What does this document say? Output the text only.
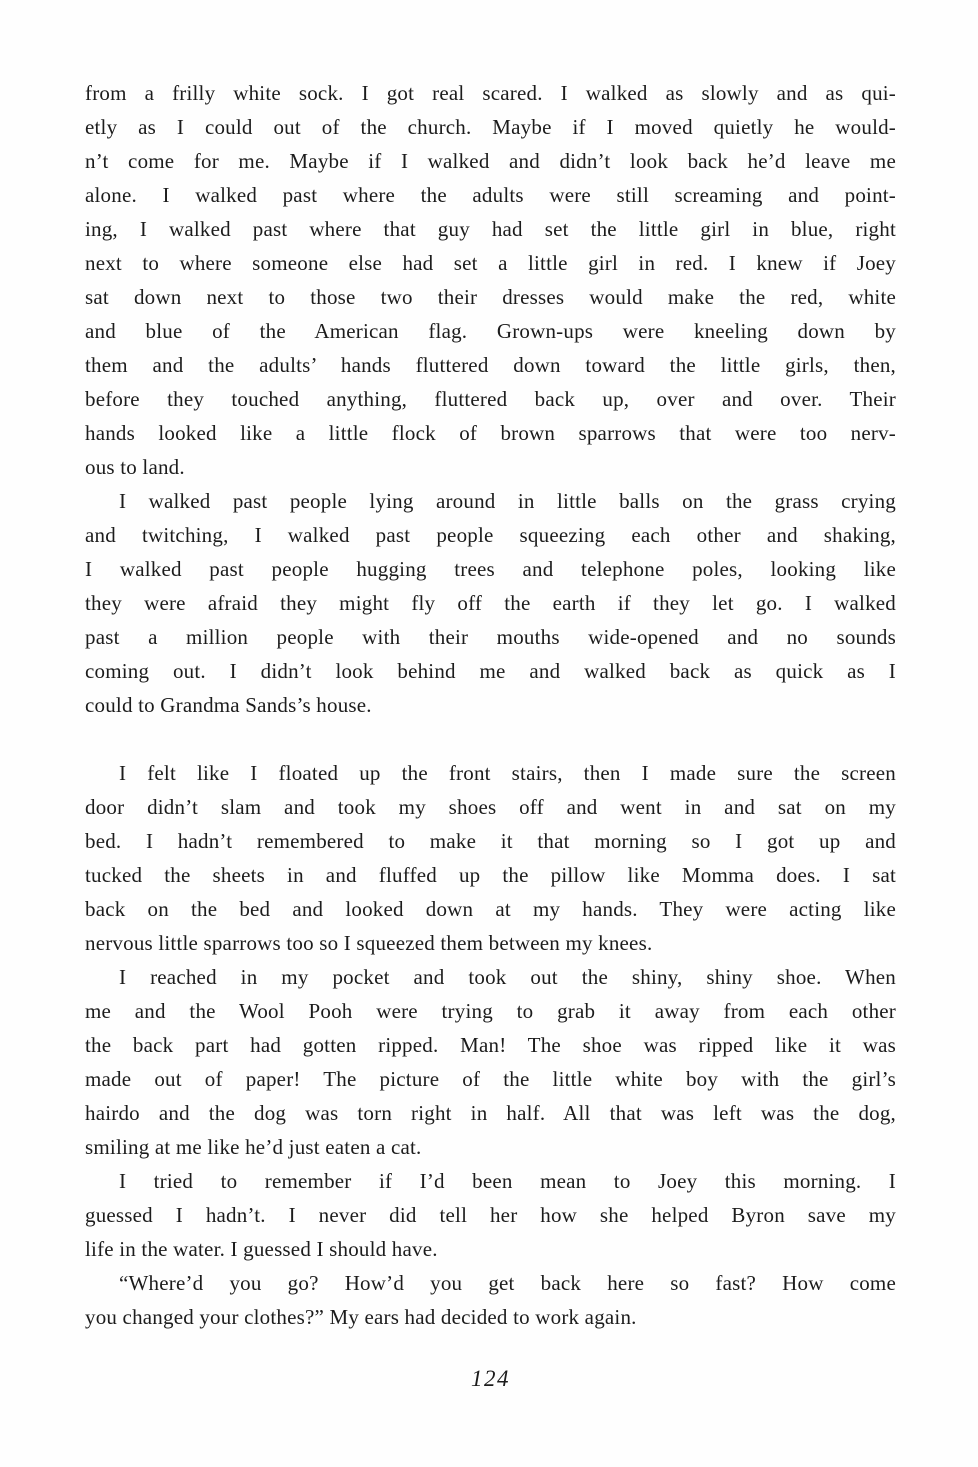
from a frilly white sock. I got real scared. I walked as slowly and as qui-
etly as I could out of the church. Maybe if I moved quietly he would-
n’t come for me. Maybe if I walked and didn’t look back he’d leave me
alone. I walked past where the adults were still screaming and point-
ing, I walked past where that guy had set the little girl in blue, right
next to where someone else had set a little girl in red. I knew if Joey
sat down next to those two their dresses would make the red, white
and blue of the American flag. Grown-ups were kneeling down by
them and the adults’ hands fluttered down toward the little girls, then,
before they touched anything, fluttered back up, over and over. Their
hands looked like a little flock of brown sparrows that were too nerv-
ous to land.
I walked past people lying around in little balls on the grass crying
and twitching, I walked past people squeezing each other and shaking,
I walked past people hugging trees and telephone poles, looking like
they were afraid they might fly off the earth if they let go. I walked
past a million people with their mouths wide-opened and no sounds
coming out. I didn’t look behind me and walked back as quick as I
could to Grandma Sands’s house.
I felt like I floated up the front stairs, then I made sure the screen
door didn’t slam and took my shoes off and went in and sat on my
bed. I hadn’t remembered to make it that morning so I got up and
tucked the sheets in and fluffed up the pillow like Momma does. I sat
back on the bed and looked down at my hands. They were acting like
nervous little sparrows too so I squeezed them between my knees.
I reached in my pocket and took out the shiny, shiny shoe. When
me and the Wool Pooh were trying to grab it away from each other
the back part had gotten ripped. Man! The shoe was ripped like it was
made out of paper! The picture of the little white boy with the girl’s
hairdo and the dog was torn right in half. All that was left was the dog,
smiling at me like he’d just eaten a cat.
I tried to remember if I’d been mean to Joey this morning. I
guessed I hadn’t. I never did tell her how she helped Byron save my
life in the water. I guessed I should have.
“Where’d you go? How’d you get back here so fast? How come
you changed your clothes?” My ears had decided to work again.
124
